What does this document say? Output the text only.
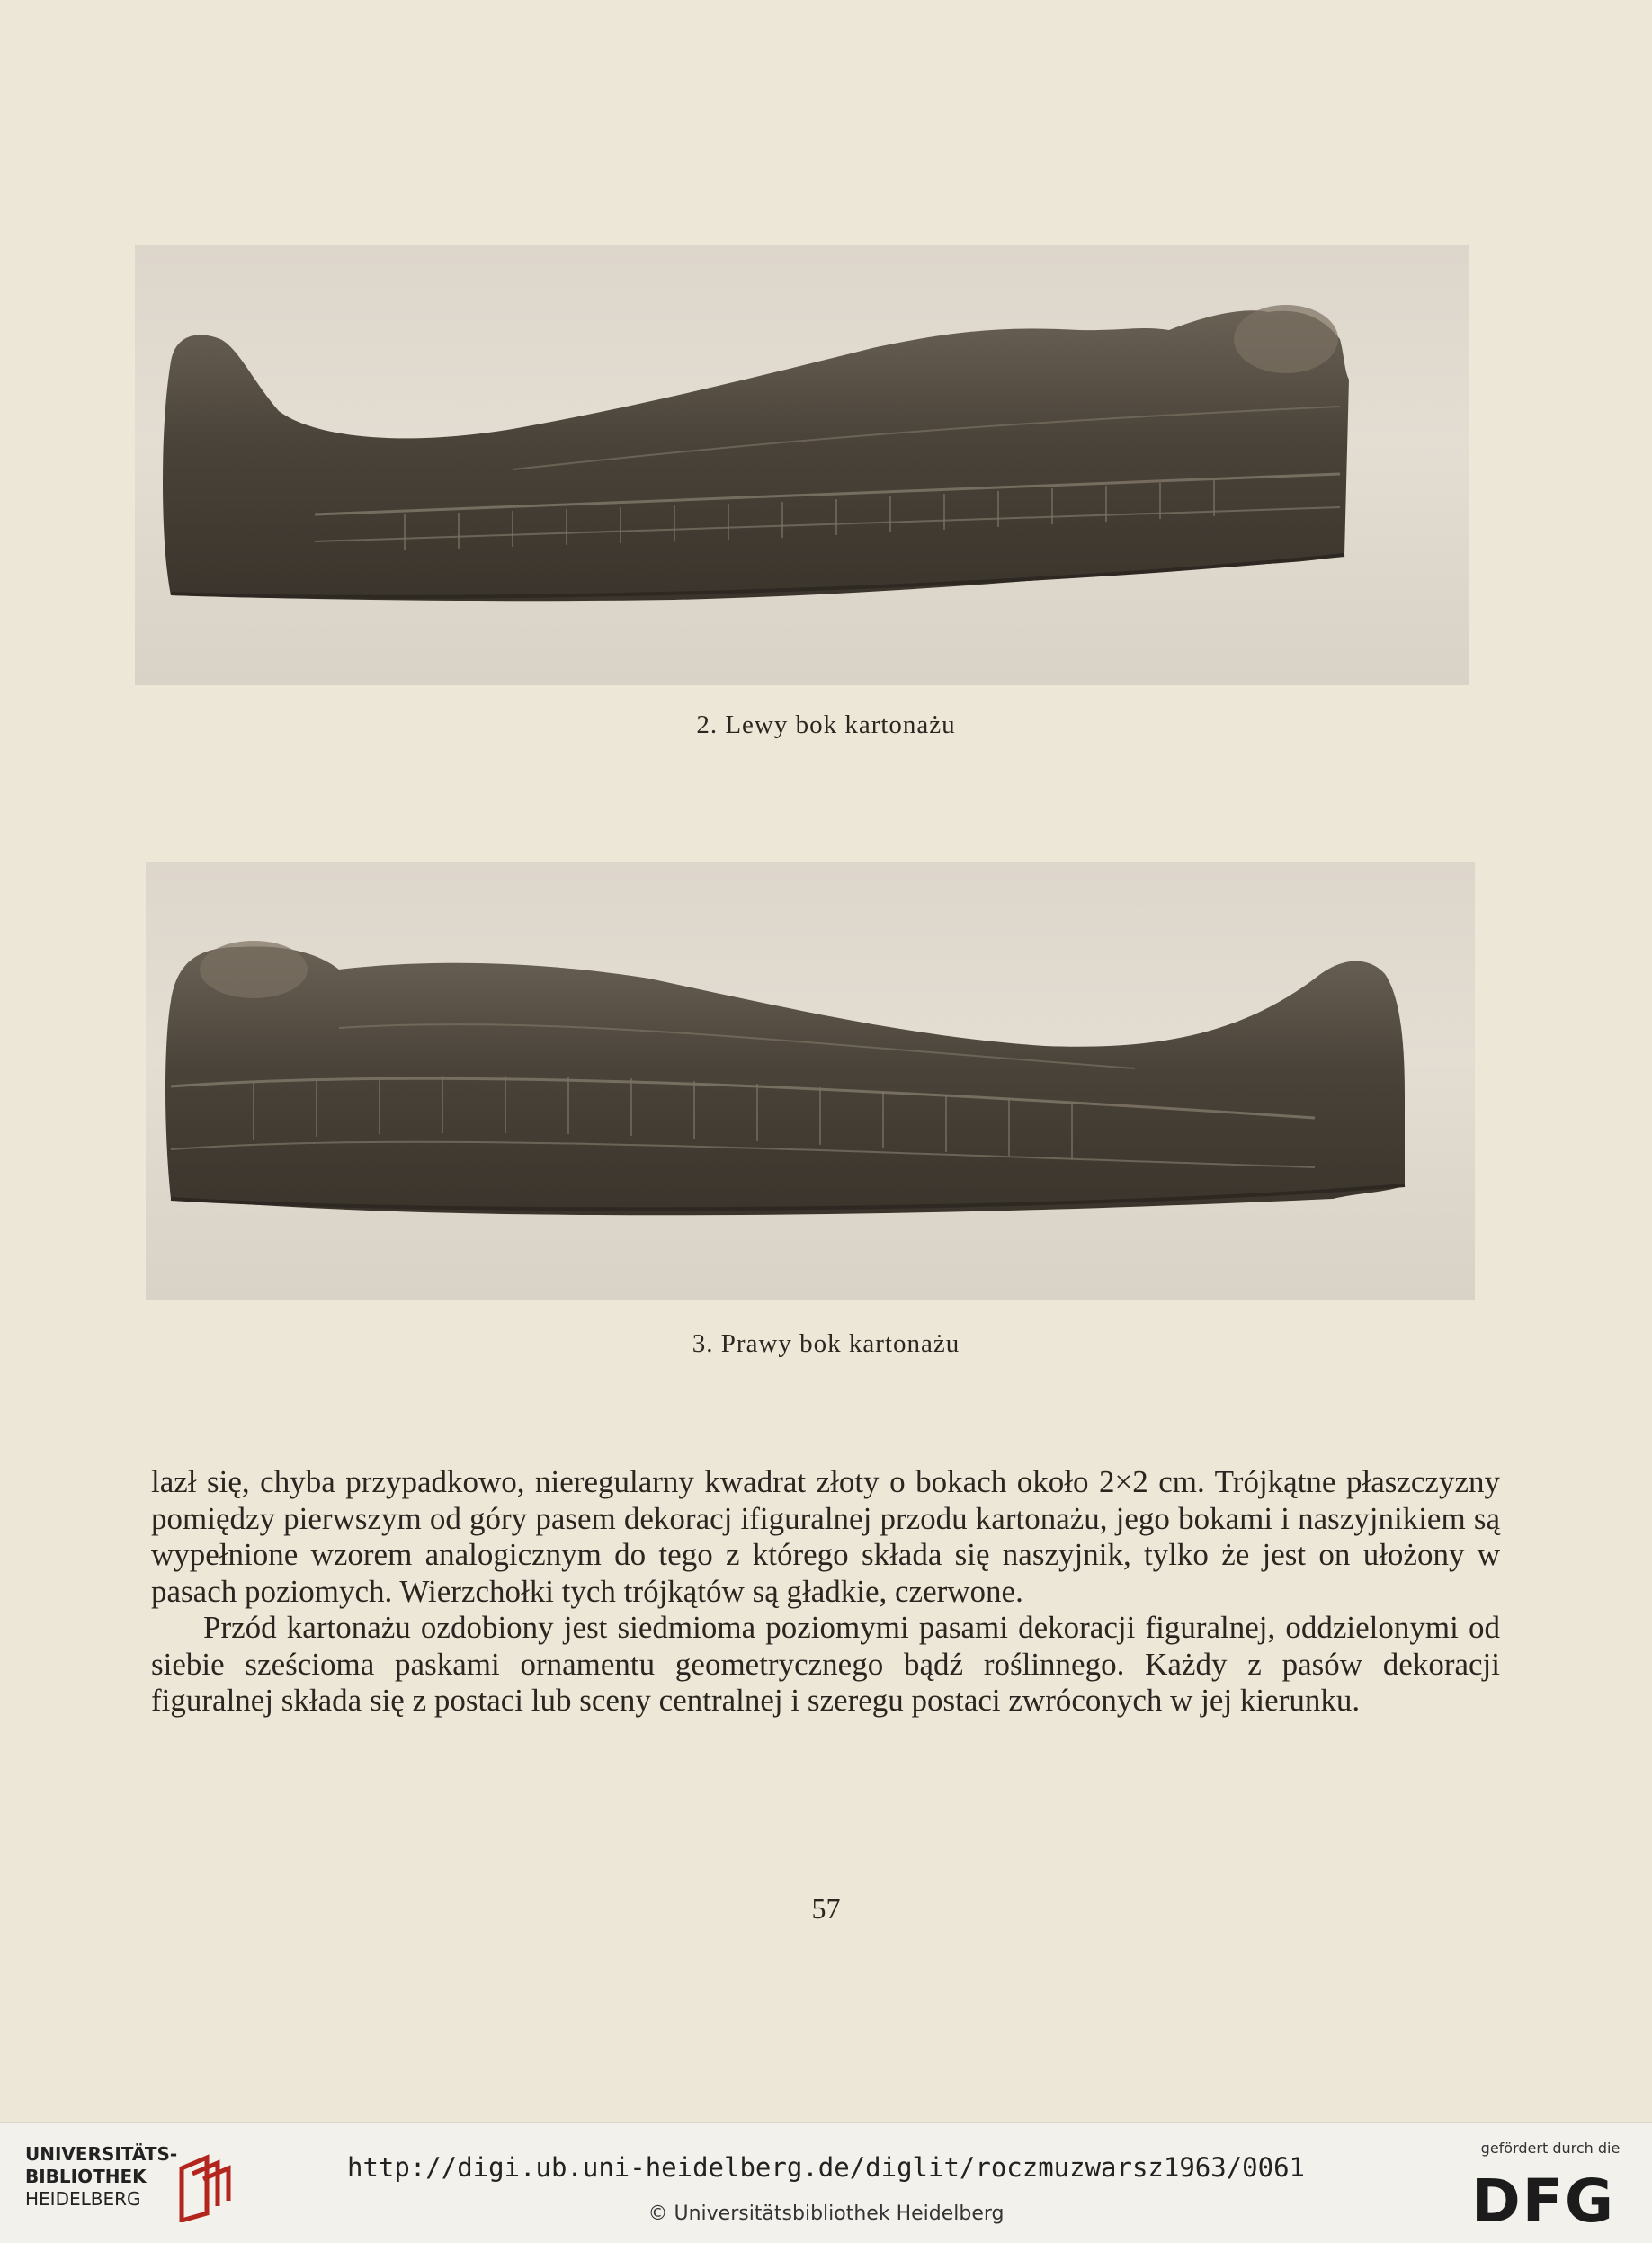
2. Lewy bok kartonażu
3. Prawy bok kartonażu

lazł się, chyba przypadkowo, nieregularny kwadrat złoty o bokach około 2×2 cm. Trójkątne płaszczyzny pomiędzy pierwszym od góry pasem dekoracj ifiguralnej przodu kartonażu, jego bokami i naszyjnikiem są wypełnione wzorem analogicznym do tego z którego składa się naszyjnik, tylko że jest on ułożony w pasach poziomych. Wierzchołki tych trójkątów są gładkie, czerwone.

Przód kartonażu ozdobiony jest siedmioma poziomymi pasami dekoracji figuralnej, oddzielonymi od siebie sześcioma paskami ornamentu geometrycznego bądź roślinnego. Każdy z pasów dekoracji figuralnej składa się z postaci lub sceny centralnej i szeregu postaci zwróconych w jej kierunku.

57
UNIVERSITÄTS-
BIBLIOTHEK
HEIDELBERG
http://digi.ub.uni-heidelberg.de/diglit/roczmuzwarsz1963/0061
© Universitätsbibliothek Heidelberg
gefördert durch die
DFG
